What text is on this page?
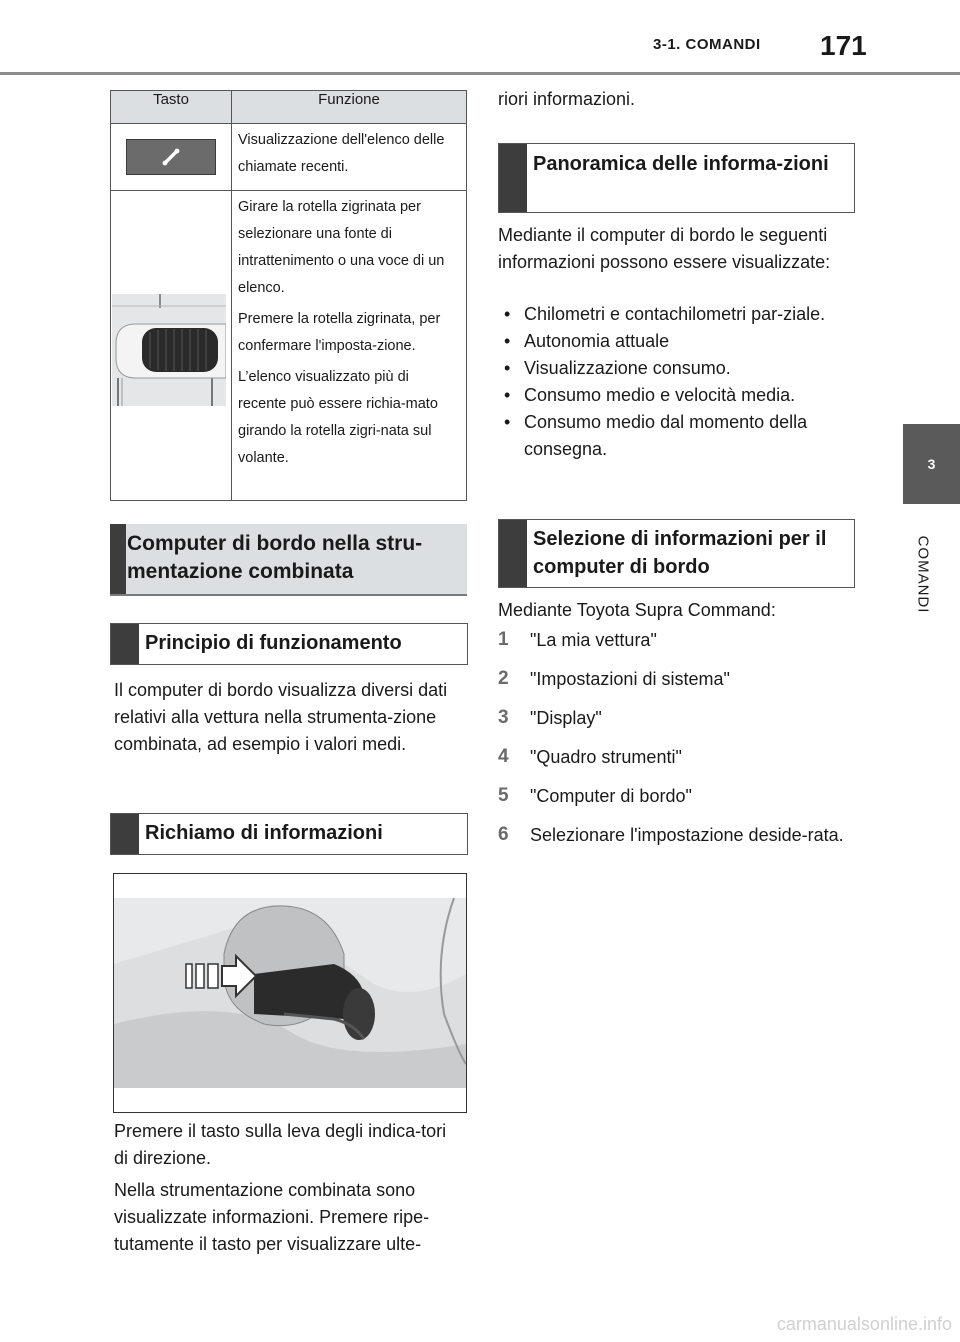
3-1. COMANDI 171
3
COMANDI
Tasto	Funzione

Visualizzazione dell'elenco delle chiamate recenti.

Girare la rotella zigrinata per selezionare una fonte di intrattenimento o una voce di un elenco.

Premere la rotella zigrinata, per confermare l'imposta-zione.

L’elenco visualizzato più di recente può essere richia-mato girando la rotella zigri-nata sul volante.

Computer di bordo nella stru-mentazione combinata
Principio di funzionamento
Il computer di bordo visualizza diversi dati relativi alla vettura nella strumenta-zione combinata, ad esempio i valori medi.
Richiamo di informazioni
Premere il tasto sulla leva degli indica-tori di direzione.
Nella strumentazione combinata sono visualizzate informazioni. Premere ripe-tutamente il tasto per visualizzare ulte-
riori informazioni.
Panoramica delle informa-zioni
Mediante il computer di bordo le seguenti informazioni possono essere visualizzate:
• Chilometri e contachilometri par-ziale.
• Autonomia attuale
• Visualizzazione consumo.
• Consumo medio e velocità media.
• Consumo medio dal momento della consegna.
Selezione di informazioni per il computer di bordo
Mediante Toyota Supra Command:
1 "La mia vettura"
2 "Impostazioni di sistema"
3 "Display"
4 "Quadro strumenti"
5 "Computer di bordo"
6 Selezionare l'impostazione deside-rata.
carmanualsonline.info
